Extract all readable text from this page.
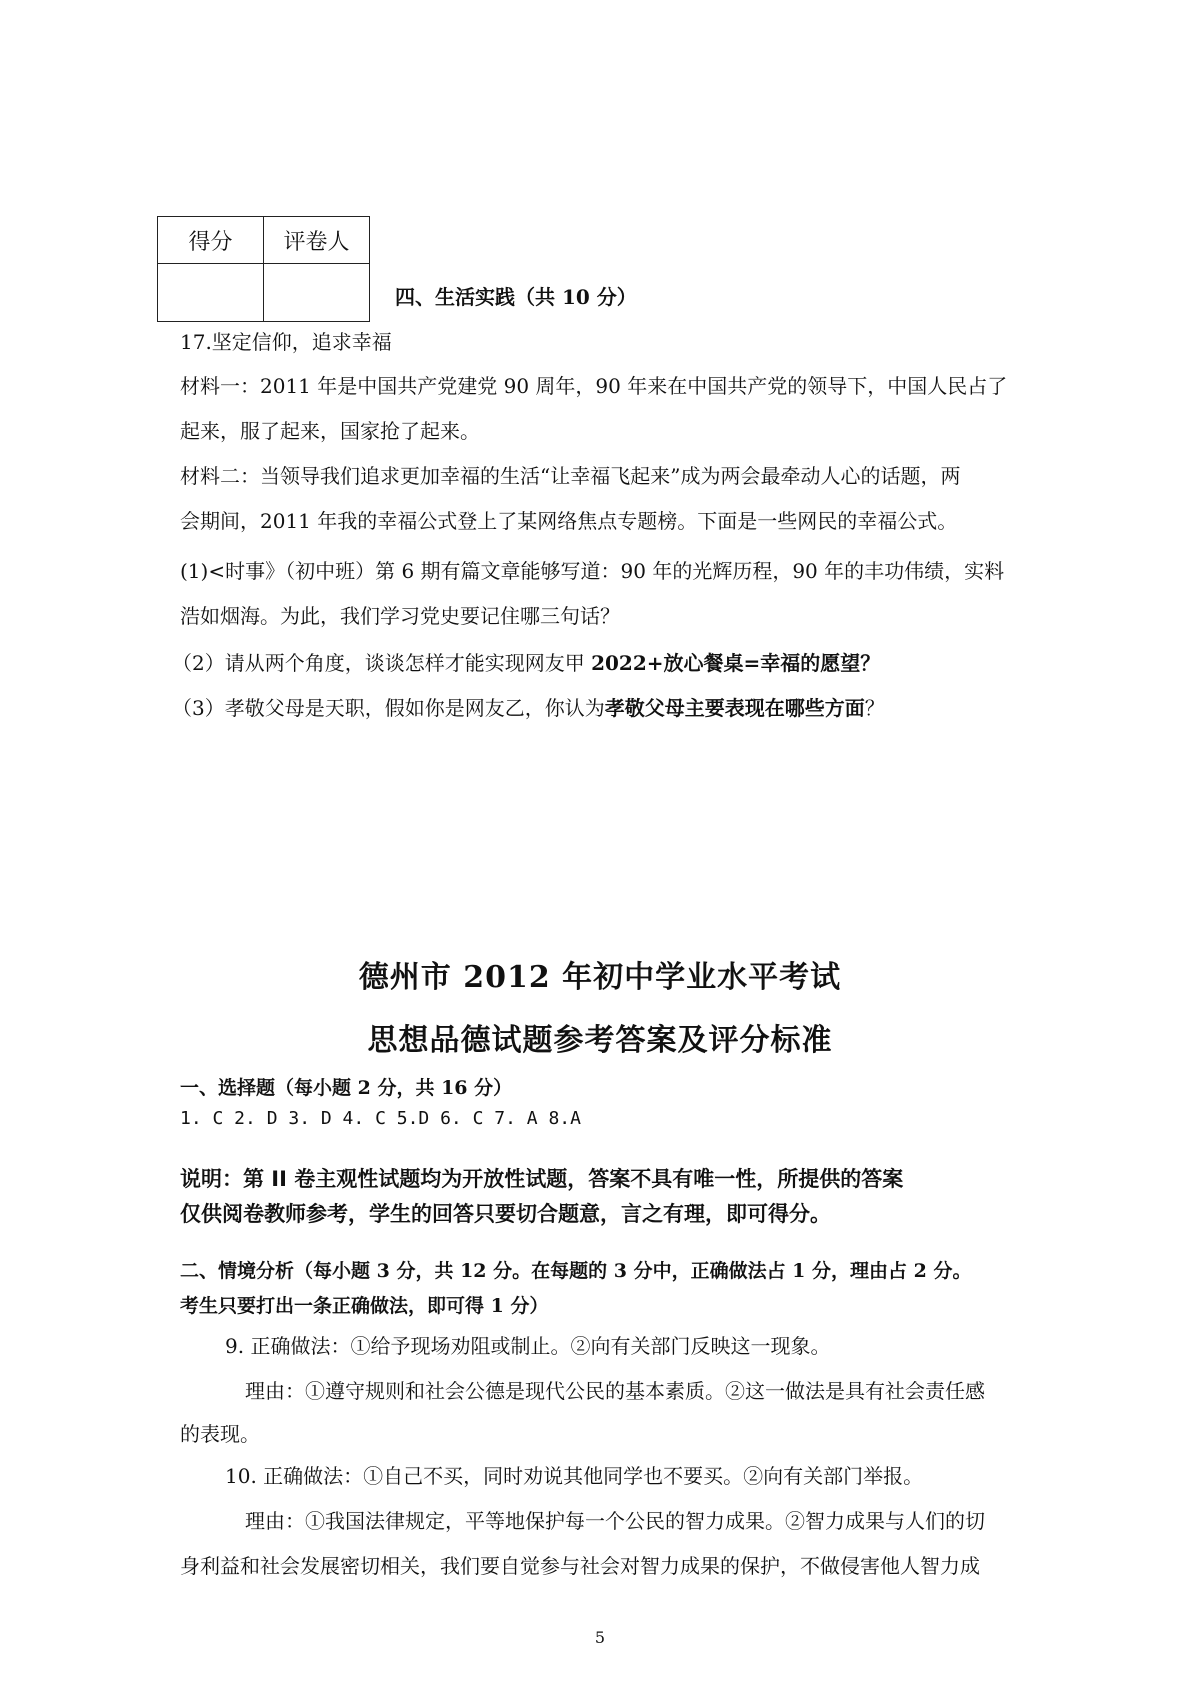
得分	评卷人

四、生活实践（共 10 分）
17.坚定信仰，追求幸福
材料一：2011 年是中国共产党建党 90 周年，90 年来在中国共产党的领导下，中国人民占了
起来，服了起来，国家抢了起来。
材料二：当领导我们追求更加幸福的生活“让幸福飞起来”成为两会最牵动人心的话题，两
会期间，2011 年我的幸福公式登上了某网络焦点专题榜。下面是一些网民的幸福公式。
(1)<时事》（初中班）第 6 期有篇文章能够写道：90 年的光辉历程，90 年的丰功伟绩，实料
浩如烟海。为此，我们学习党史要记住哪三句话？
（2）请从两个角度，谈谈怎样才能实现网友甲 2022+放心餐桌=幸福的愿望？
（3）孝敬父母是天职，假如你是网友乙，你认为孝敬父母主要表现在哪些方面？
德州市 2012 年初中学业水平考试
思想品德试题参考答案及评分标准
一、选择题（每小题 2 分，共 16 分）
1. C 2. D 3. D 4. C 5.D 6. C 7. A 8.A
说明：第 II 卷主观性试题均为开放性试题，答案不具有唯一性，所提供的答案
仅供阅卷教师参考，学生的回答只要切合题意，言之有理，即可得分。
二、情境分析（每小题 3 分，共 12 分。在每题的 3 分中，正确做法占 1 分，理由占 2 分。
考生只要打出一条正确做法，即可得 1 分）
9. 正确做法：①给予现场劝阻或制止。②向有关部门反映这一现象。
理由：①遵守规则和社会公德是现代公民的基本素质。②这一做法是具有社会责任感
的表现。
10. 正确做法：①自己不买，同时劝说其他同学也不要买。②向有关部门举报。
理由：①我国法律规定，平等地保护每一个公民的智力成果。②智力成果与人们的切
身利益和社会发展密切相关，我们要自觉参与社会对智力成果的保护，不做侵害他人智力成
5
